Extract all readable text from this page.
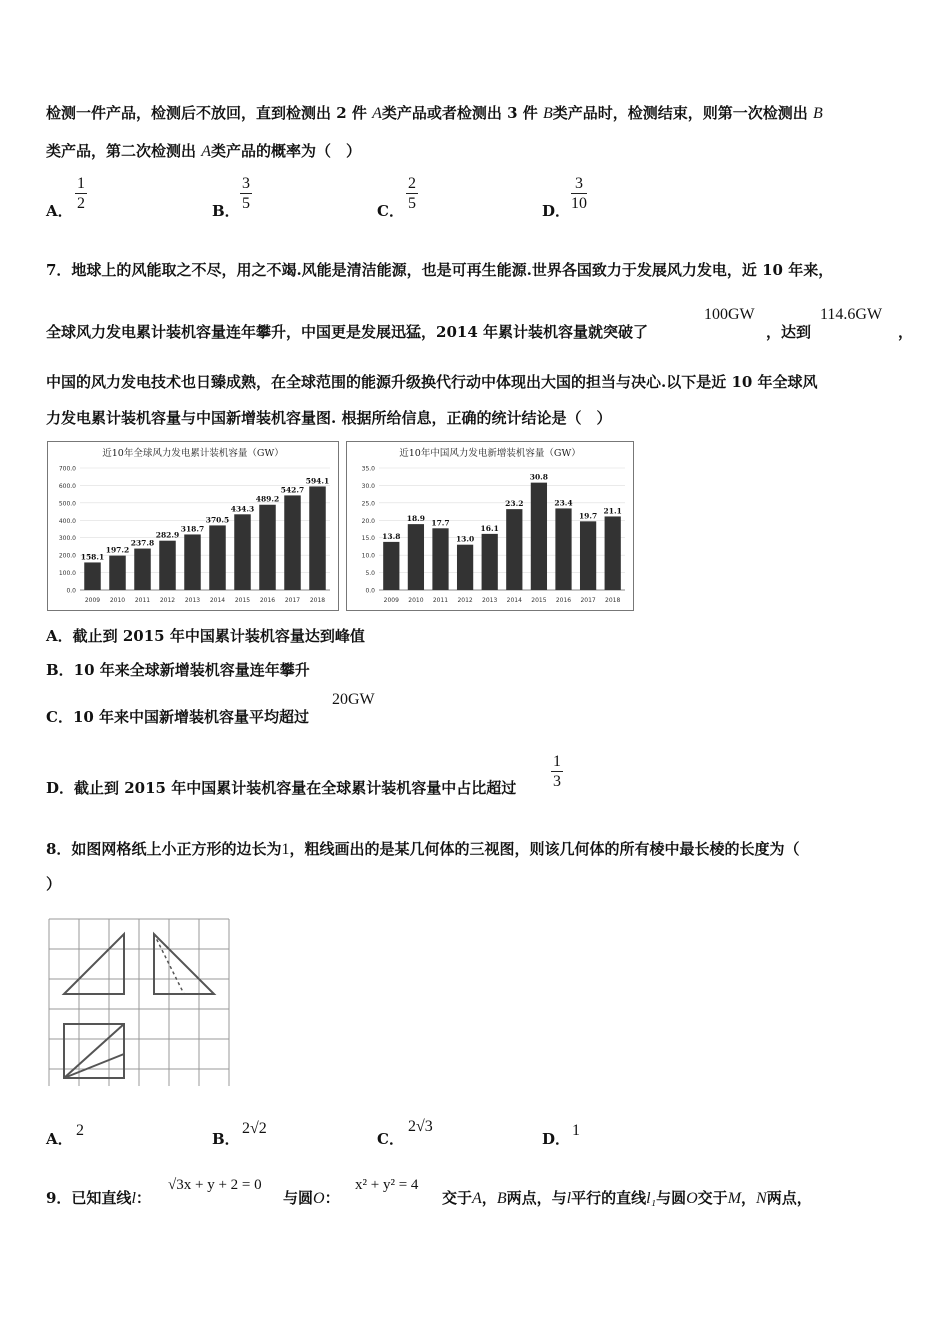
检测一件产品，检测后不放回，直到检测出 2 件 A类产品或者检测出 3 件 B类产品时，检测结束，则第一次检测出 B
类产品，第二次检测出 A类产品的概率为（　）
A． $\frac{1}{2}$	B． $\frac{3}{5}$	C． $\frac{2}{5}$	D． $\frac{3}{10}$
7．地球上的风能取之不尽，用之不竭.风能是清洁能源，也是可再生能源.世界各国致力于发展风力发电，近 10 年来，
全球风力发电累计装机容量连年攀升，中国更是发展迅猛，2014 年累计装机容量就突破了
100GW
，达到
114.6GW
，
中国的风力发电技术也日臻成熟，在全球范围的能源升级换代行动中体现出大国的担当与决心.以下是近 10 年全球风
力发电累计装机容量与中国新增装机容量图. 根据所给信息，正确的统计结论是（　）
近10年全球风力发电累计装机容量（GW）
0.0
100.0
200.0
300.0
400.0
500.0
600.0
700.0
158.1
2009
197.2
2010
237.8
2011
282.9
2012
318.7
2013
370.5
2014
434.3
2015
489.2
2016
542.7
2017
594.1
2018
近10年中国风力发电新增装机容量（GW）
0.0
5.0
10.0
15.0
20.0
25.0
30.0
35.0
13.8
2009
18.9
2010
17.7
2011
13.0
2012
16.1
2013
23.2
2014
30.8
2015
23.4
2016
19.7
2017
21.1
2018
A．截止到 2015 年中国累计装机容量达到峰值
B．10 年来全球新增装机容量连年攀升
C．10 年来中国新增装机容量平均超过
20GW
D．截止到 2015 年中国累计装机容量在全球累计装机容量中占比超过 $\frac{1}{3}$
8．如图网格纸上小正方形的边长为1，粗线画出的是某几何体的三视图，则该几何体的所有棱中最长棱的长度为（
）
A． 2	B．
2√2
C．
2√3
D． 1
9．已知直线l：
√3x + y + 2 = 0
与圆O：
x² + y² = 4
交于A，B两点，与l平行的直线l₁与圆O交于M，N两点，
